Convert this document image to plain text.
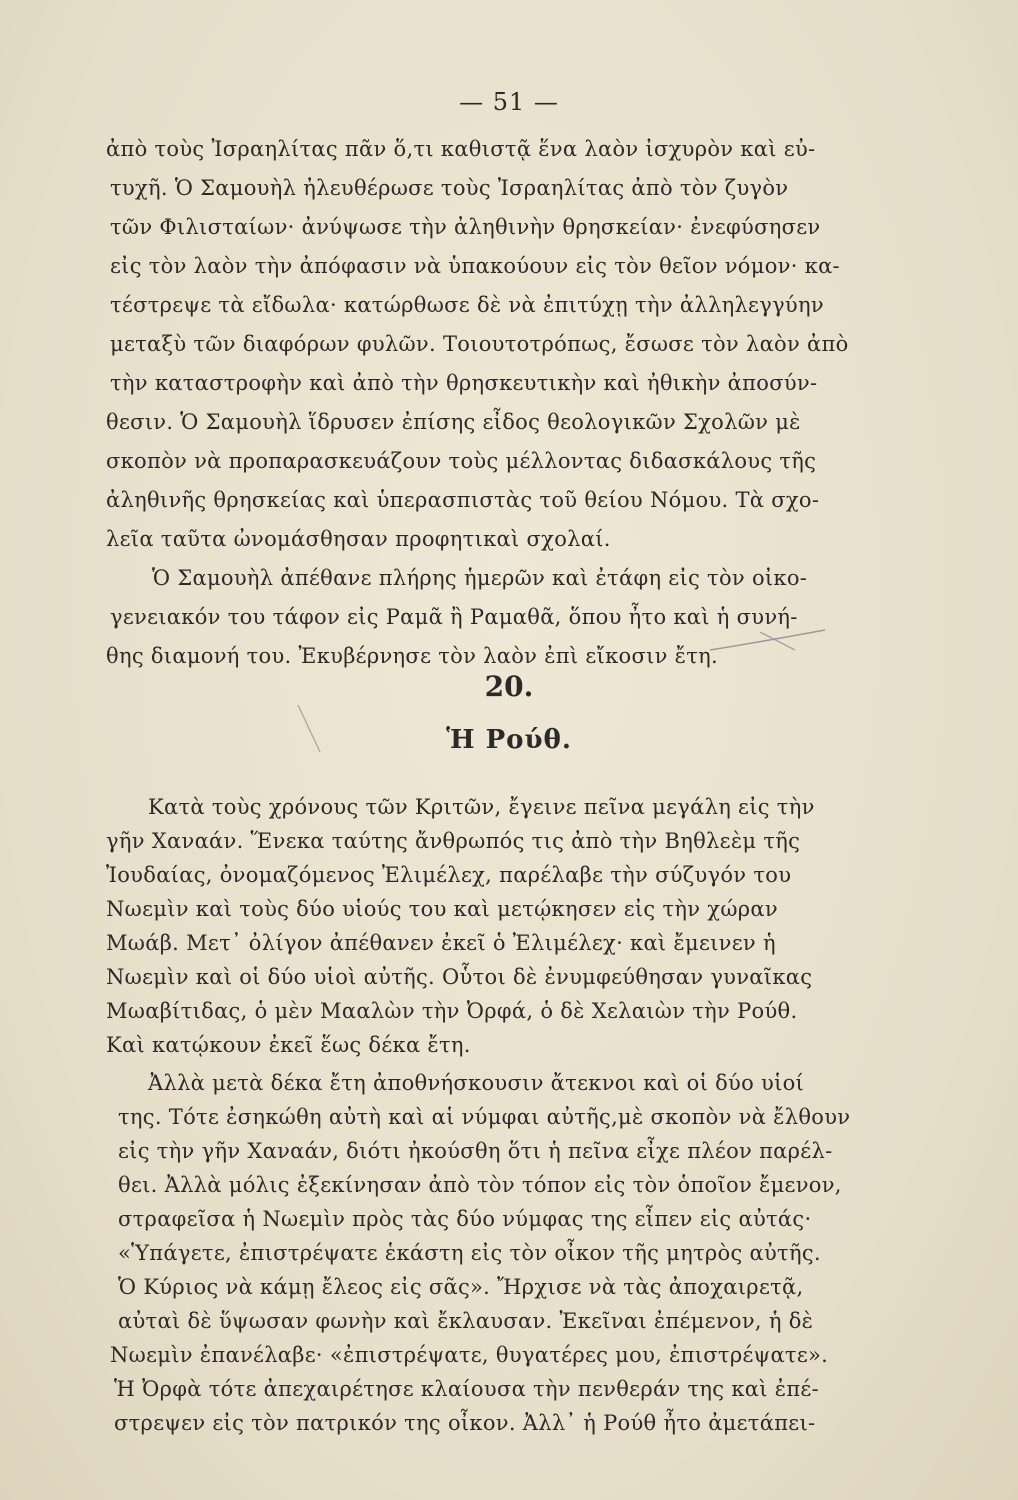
— 51 —
ἀπὸ τοὺς Ἰσραηλίτας πᾶν ὅ,τι καθιστᾷ ἕνα λαὸν ἰσχυρὸν καὶ εὐ-
τυχῆ. Ὁ Σαμουὴλ ἠλευθέρωσε τοὺς Ἰσραηλίτας ἀπὸ τὸν ζυγὸν
τῶν Φιλισταίων· ἀνύψωσε τὴν ἀληθινὴν θρησκείαν· ἐνεφύσησεν
εἰς τὸν λαὸν τὴν ἀπόφασιν νὰ ὑπακούουν εἰς τὸν θεῖον νόμον· κα-
τέστρεψε τὰ εἴδωλα· κατώρθωσε δὲ νὰ ἐπιτύχῃ τὴν ἀλληλεγγύην
μεταξὺ τῶν διαφόρων φυλῶν. Τοιουτοτρόπως, ἔσωσε τὸν λαὸν ἀπὸ
τὴν καταστροφὴν καὶ ἀπὸ τὴν θρησκευτικὴν καὶ ἠθικὴν ἀποσύν-
θεσιν. Ὁ Σαμουὴλ ἵδρυσεν ἐπίσης εἶδος θεολογικῶν Σχολῶν μὲ
σκοπὸν νὰ προπαρασκευάζουν τοὺς μέλλοντας διδασκάλους τῆς
ἀληθινῆς θρησκείας καὶ ὑπερασπιστὰς τοῦ θείου Νόμου. Τὰ σχο-
λεῖα ταῦτα ὠνομάσθησαν προφητικαὶ σχολαί.
Ὁ Σαμουὴλ ἀπέθανε πλήρης ἡμερῶν καὶ ἐτάφη εἰς τὸν οἰκο-
γενειακόν του τάφον εἰς Ραμᾶ ἢ Ραμαθᾶ, ὅπου ἦτο καὶ ἡ συνή-
θης διαμονή του. Ἐκυβέρνησε τὸν λαὸν ἐπὶ εἴκοσιν ἔτη.
20.
Ἡ Ρούθ.
Κατὰ τοὺς χρόνους τῶν Κριτῶν, ἔγεινε πεῖνα μεγάλη εἰς τὴν
γῆν Χαναάν. Ἕνεκα ταύτης ἄνθρωπός τις ἀπὸ τὴν Βηθλεὲμ τῆς
Ἰουδαίας, ὀνομαζόμενος Ἐλιμέλεχ, παρέλαβε τὴν σύζυγόν του
Νωεμὶν καὶ τοὺς δύο υἱούς του καὶ μετῴκησεν εἰς τὴν χώραν
Μωάβ. Μετ᾽ ὀλίγον ἀπέθανεν ἐκεῖ ὁ Ἐλιμέλεχ· καὶ ἔμεινεν ἡ
Νωεμὶν καὶ οἱ δύο υἱοὶ αὐτῆς. Οὗτοι δὲ ἐνυμφεύθησαν γυναῖκας
Μωαβίτιδας, ὁ μὲν Μααλὼν τὴν Ὀρφά, ὁ δὲ Χελαιὼν τὴν Ρούθ.
Καὶ κατῴκουν ἐκεῖ ἕως δέκα ἔτη.
Ἀλλὰ μετὰ δέκα ἔτη ἀποθνήσκουσιν ἄτεκνοι καὶ οἱ δύο υἱοί
της. Τότε ἐσηκώθη αὐτὴ καὶ αἱ νύμφαι αὐτῆς,μὲ σκοπὸν νὰ ἔλθουν
εἰς τὴν γῆν Χαναάν, διότι ἠκούσθη ὅτι ἡ πεῖνα εἶχε πλέον παρέλ-
θει. Ἀλλὰ μόλις ἐξεκίνησαν ἀπὸ τὸν τόπον εἰς τὸν ὁποῖον ἔμενον,
στραφεῖσα ἡ Νωεμὶν πρὸς τὰς δύο νύμφας της εἶπεν εἰς αὐτάς·
«Ὑπάγετε, ἐπιστρέψατε ἑκάστη εἰς τὸν οἶκον τῆς μητρὸς αὐτῆς.
Ὁ Κύριος νὰ κάμῃ ἔλεος εἰς σᾶς». Ἤρχισε νὰ τὰς ἀποχαιρετᾷ,
αὐταὶ δὲ ὕψωσαν φωνὴν καὶ ἔκλαυσαν. Ἐκεῖναι ἐπέμενον, ἡ δὲ
Νωεμὶν ἐπανέλαβε· «ἐπιστρέψατε, θυγατέρες μου, ἐπιστρέψατε».
Ἡ Ὀρφὰ τότε ἀπεχαιρέτησε κλαίουσα τὴν πενθεράν της καὶ ἐπέ-
στρεψεν εἰς τὸν πατρικόν της οἶκον. Ἀλλ᾽ ἡ Ρούθ ἦτο ἀμετάπει-
